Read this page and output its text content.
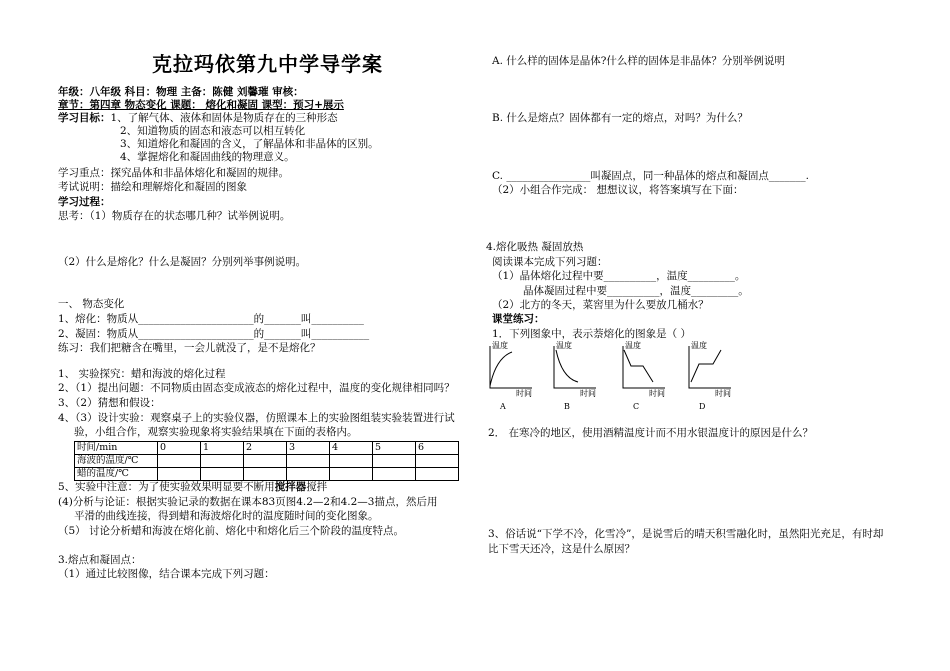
克拉玛依第九中学导学案
年级：八年级 科目：物理 主备：陈健 刘馨璀 审核：
章节：第四章 物态变化 课题： 熔化和凝固 课型：预习+展示
学习目标：1、了解气体、液体和固体是物质存在的三种形态
2、知道物质的固态和液态可以相互转化
3、知道熔化和凝固的含义，了解晶体和非晶体的区别。
4、掌握熔化和凝固曲线的物理意义。
学习重点：探究晶体和非晶体熔化和凝固的规律。
考试说明：描绘和理解熔化和凝固的图象
学习过程：
思考：（1）物质存在的状态哪几种？试举例说明。
（2）什么是熔化？什么是凝固？分别列举事例说明。
一、 物态变化
1、熔化：物质从______________________的_______叫__________
2、凝固：物质从______________________的_______叫___________
练习：我们把糖含在嘴里，一会儿就没了，是不是熔化？
1、 实验探究：蜡和海波的熔化过程
2、（1）提出问题：不同物质由固态变成液态的熔化过程中，温度的变化规律相同吗？
3、（2）猜想和假设：
4、（3）设计实验：观察桌子上的实验仪器，仿照课本上的实验图组装实验装置进行试
验，小组合作，观察实验现象将实验结果填在下面的表格内。
时间/min	0	1	2	3	4	5	6
海波的温度/℃							
蜡的温度/℃							
5、实验中注意：为了使实验效果明显要不断用搅拌器搅拌
(4)分析与论证：根据实验记录的数据在课本83页图4.2—2和4.2—3描点，然后用
平滑的曲线连接，得到蜡和海波熔化时的温度随时间的变化图象。
（5） 讨论分析蜡和海波在熔化前、熔化中和熔化后三个阶段的温度特点。
3.熔点和凝固点：
（1）通过比较图像，结合课本完成下列习题：
A. 什么样的固体是晶体?什么样的固体是非晶体？分别举例说明
B. 什么是熔点？固体都有一定的熔点，对吗？为什么？
C. ________________叫凝固点，同一种晶体的熔点和凝固点_______.
（2）小组合作完成： 想想议议，将答案填写在下面：
4.熔化吸热 凝固放热
阅读课本完成下列习题：
（1）晶体熔化过程中要__________，温度_________。
晶体凝固过程中要__________，温度_________。
（2）北方的冬天，菜窖里为什么要放几桶水？
课堂练习：
1．下列图象中，表示萘熔化的图象是（ ）
温度
时间
A
温度
时间
B
温度
时间
C
温度
时间
D
2． 在寒冷的地区，使用酒精温度计而不用水银温度计的原因是什么？
3、俗话说“下学不冷，化雪冷”，是说雪后的晴天积雪融化时，虽然阳光充足，有时却
比下雪天还冷，这是什么原因？
